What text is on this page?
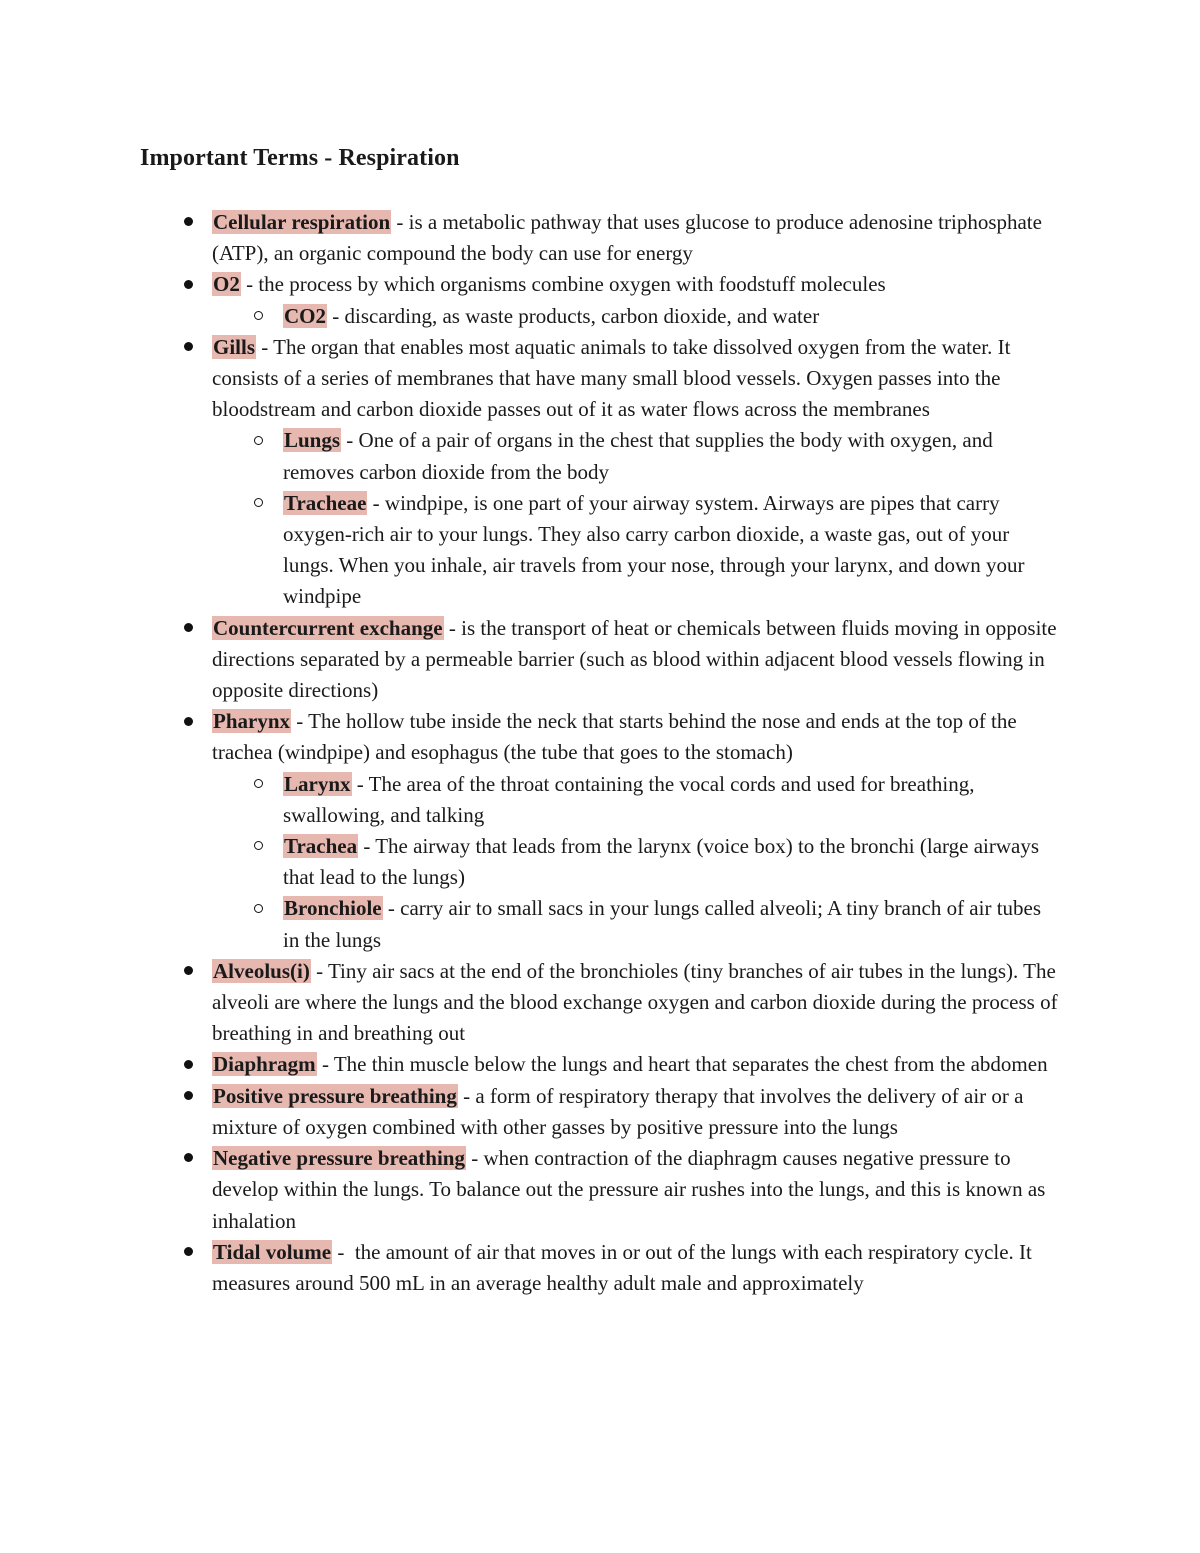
Important Terms - Respiration
Cellular respiration - is a metabolic pathway that uses glucose to produce adenosine triphosphate (ATP), an organic compound the body can use for energy
O2 - the process by which organisms combine oxygen with foodstuff molecules
CO2 - discarding, as waste products, carbon dioxide, and water
Gills - The organ that enables most aquatic animals to take dissolved oxygen from the water. It consists of a series of membranes that have many small blood vessels. Oxygen passes into the bloodstream and carbon dioxide passes out of it as water flows across the membranes
Lungs - One of a pair of organs in the chest that supplies the body with oxygen, and removes carbon dioxide from the body
Tracheae - windpipe, is one part of your airway system. Airways are pipes that carry oxygen-rich air to your lungs. They also carry carbon dioxide, a waste gas, out of your lungs. When you inhale, air travels from your nose, through your larynx, and down your windpipe
Countercurrent exchange - is the transport of heat or chemicals between fluids moving in opposite directions separated by a permeable barrier (such as blood within adjacent blood vessels flowing in opposite directions)
Pharynx - The hollow tube inside the neck that starts behind the nose and ends at the top of the trachea (windpipe) and esophagus (the tube that goes to the stomach)
Larynx - The area of the throat containing the vocal cords and used for breathing, swallowing, and talking
Trachea - The airway that leads from the larynx (voice box) to the bronchi (large airways that lead to the lungs)
Bronchiole - carry air to small sacs in your lungs called alveoli; A tiny branch of air tubes in the lungs
Alveolus(i) - Tiny air sacs at the end of the bronchioles (tiny branches of air tubes in the lungs). The alveoli are where the lungs and the blood exchange oxygen and carbon dioxide during the process of breathing in and breathing out
Diaphragm - The thin muscle below the lungs and heart that separates the chest from the abdomen
Positive pressure breathing - a form of respiratory therapy that involves the delivery of air or a mixture of oxygen combined with other gasses by positive pressure into the lungs
Negative pressure breathing - when contraction of the diaphragm causes negative pressure to develop within the lungs. To balance out the pressure air rushes into the lungs, and this is known as inhalation
Tidal volume -  the amount of air that moves in or out of the lungs with each respiratory cycle. It measures around 500 mL in an average healthy adult male and approximately
